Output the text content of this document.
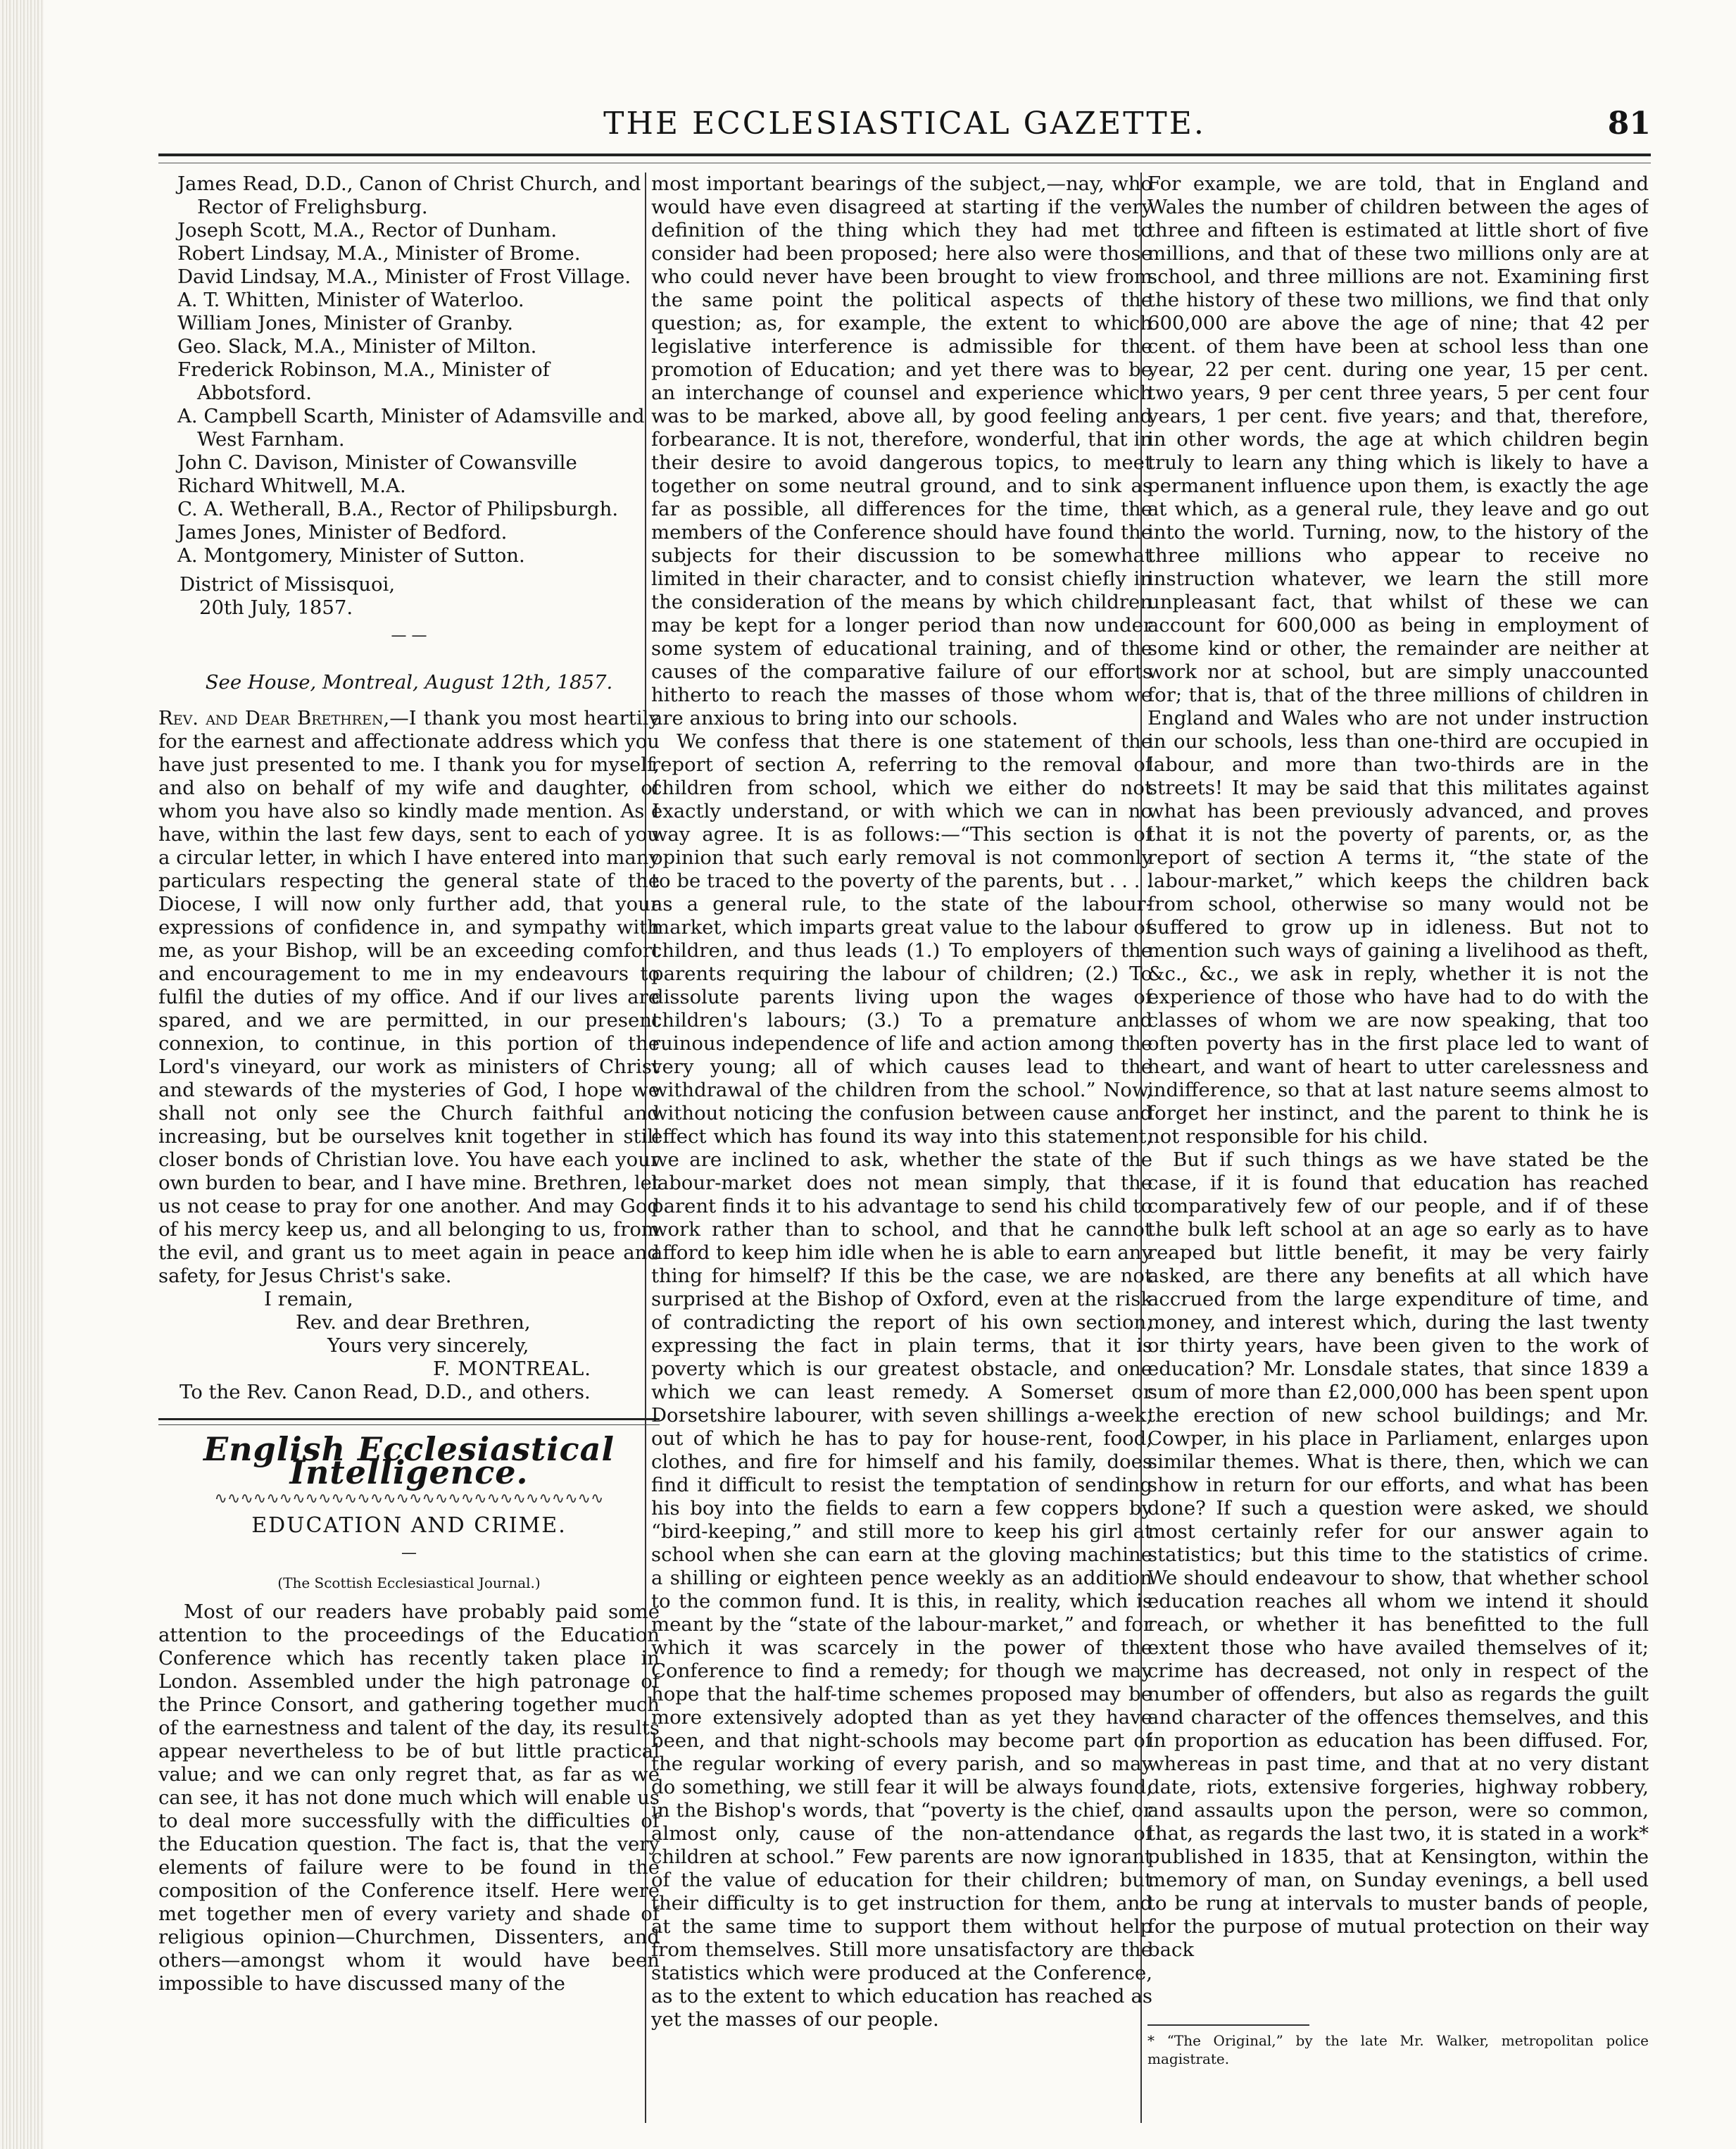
THE ECCLESIASTICAL GAZETTE.	81

James Read, D.D., Canon of Christ Church, and Rector of Frelighsburg.

Joseph Scott, M.A., Rector of Dunham.

Robert Lindsay, M.A., Minister of Brome.

David Lindsay, M.A., Minister of Frost Village.

A. T. Whitten, Minister of Waterloo.

William Jones, Minister of Granby.

Geo. Slack, M.A., Minister of Milton.

Frederick Robinson, M.A., Minister of Abbotsford.

A. Campbell Scarth, Minister of Adamsville and West Farnham.

John C. Davison, Minister of Cowansville

Richard Whitwell, M.A.

C. A. Wetherall, B.A., Rector of Philipsburgh.

James Jones, Minister of Bedford.

A. Montgomery, Minister of Sutton.

District of Missisquoi,

20th July, 1857.

— —

See House, Montreal, August 12th, 1857.

Rev. and Dear Brethren,—I thank you most heartily for the earnest and affectionate address which you have just presented to me. I thank you for myself, and also on behalf of my wife and daughter, of whom you have also so kindly made mention. As I have, within the last few days, sent to each of you a circular letter, in which I have entered into many particulars respecting the general state of the Diocese, I will now only further add, that your expressions of confidence in, and sympathy with me, as your Bishop, will be an exceeding comfort and encouragement to me in my endeavours to fulfil the duties of my office. And if our lives are spared, and we are permitted, in our present connexion, to continue, in this portion of the Lord's vineyard, our work as ministers of Christ and stewards of the mysteries of God, I hope we shall not only see the Church faithful and increasing, but be ourselves knit together in still closer bonds of Christian love. You have each your own burden to bear, and I have mine. Brethren, let us not cease to pray for one another. And may God of his mercy keep us, and all belonging to us, from the evil, and grant us to meet again in peace and safety, for Jesus Christ's sake.

I remain,

Rev. and dear Brethren,

Yours very sincerely,

F. MONTREAL.

To the Rev. Canon Read, D.D., and others.

English Ecclesiastical Intelligence.
∿∿∿∿∿∿∿∿∿∿∿∿∿∿∿∿∿∿∿∿∿∿∿∿∿∿∿∿∿∿
EDUCATION AND CRIME.
—
(The Scottish Ecclesiastical Journal.)

Most of our readers have probably paid some attention to the proceedings of the Education Conference which has recently taken place in London. Assembled under the high patronage of the Prince Consort, and gathering together much of the earnestness and talent of the day, its results appear nevertheless to be of but little practical value; and we can only regret that, as far as we can see, it has not done much which will enable us to deal more successfully with the difficulties of the Education question. The fact is, that the very elements of failure were to be found in the composition of the Conference itself. Here were met together men of every variety and shade of religious opinion—Churchmen, Dissenters, and others—amongst whom it would have been impossible to have discussed many of the

most important bearings of the subject,—nay, who would have even disagreed at starting if the very definition of the thing which they had met to consider had been proposed; here also were those who could never have been brought to view from the same point the political aspects of the question; as, for example, the extent to which legislative interference is admissible for the promotion of Education; and yet there was to be an interchange of counsel and experience which was to be marked, above all, by good feeling and forbearance. It is not, therefore, wonderful, that in their desire to avoid dangerous topics, to meet together on some neutral ground, and to sink as far as possible, all differences for the time, the members of the Conference should have found the subjects for their discussion to be somewhat limited in their character, and to consist chiefly in the consideration of the means by which children may be kept for a longer period than now under some system of educational training, and of the causes of the comparative failure of our efforts hitherto to reach the masses of those whom we are anxious to bring into our schools.

We confess that there is one statement of the report of section A, referring to the removal of children from school, which we either do not exactly understand, or with which we can in no way agree. It is as follows:—“This section is of opinion that such early removal is not commonly to be traced to the poverty of the parents, but . . . . as a general rule, to the state of the labour-market, which imparts great value to the labour of children, and thus leads (1.) To employers of the parents requiring the labour of children; (2.) To dissolute parents living upon the wages of children's labours; (3.) To a premature and ruinous independence of life and action among the very young; all of which causes lead to the withdrawal of the children from the school.” Now, without noticing the confusion between cause and effect which has found its way into this statement, we are inclined to ask, whether the state of the labour-market does not mean simply, that the parent finds it to his advantage to send his child to work rather than to school, and that he cannot afford to keep him idle when he is able to earn any thing for himself? If this be the case, we are not surprised at the Bishop of Oxford, even at the risk of contradicting the report of his own section, expressing the fact in plain terms, that it is poverty which is our greatest obstacle, and one which we can least remedy. A Somerset or Dorsetshire labourer, with seven shillings a-week, out of which he has to pay for house-rent, food, clothes, and fire for himself and his family, does find it difficult to resist the temptation of sending his boy into the fields to earn a few coppers by “bird-keeping,” and still more to keep his girl at school when she can earn at the gloving machine a shilling or eighteen pence weekly as an addition to the common fund. It is this, in reality, which is meant by the “state of the labour-market,” and for which it was scarcely in the power of the Conference to find a remedy; for though we may hope that the half-time schemes proposed may be more extensively adopted than as yet they have been, and that night-schools may become part of the regular working of every parish, and so may do something, we still fear it will be always found, in the Bishop's words, that “poverty is the chief, or almost only, cause of the non-attendance of children at school.” Few parents are now ignorant of the value of education for their children; but their difficulty is to get instruction for them, and at the same time to support them without help from themselves. Still more unsatisfactory are the statistics which were produced at the Conference, as to the extent to which education has reached as yet the masses of our people.

For example, we are told, that in England and Wales the number of children between the ages of three and fifteen is estimated at little short of five millions, and that of these two millions only are at school, and three millions are not. Examining first the history of these two millions, we find that only 600,000 are above the age of nine; that 42 per cent. of them have been at school less than one year, 22 per cent. during one year, 15 per cent. two years, 9 per cent three years, 5 per cent four years, 1 per cent. five years; and that, therefore, in other words, the age at which children begin truly to learn any thing which is likely to have a permanent influence upon them, is exactly the age at which, as a general rule, they leave and go out into the world. Turning, now, to the history of the three millions who appear to receive no instruction whatever, we learn the still more unpleasant fact, that whilst of these we can account for 600,000 as being in employment of some kind or other, the remainder are neither at work nor at school, but are simply unaccounted for; that is, that of the three millions of children in England and Wales who are not under instruction in our schools, less than one-third are occupied in labour, and more than two-thirds are in the streets! It may be said that this militates against what has been previously advanced, and proves that it is not the poverty of parents, or, as the report of section A terms it, “the state of the labour-market,” which keeps the children back from school, otherwise so many would not be suffered to grow up in idleness. But not to mention such ways of gaining a livelihood as theft, &c., &c., we ask in reply, whether it is not the experience of those who have had to do with the classes of whom we are now speaking, that too often poverty has in the first place led to want of heart, and want of heart to utter carelessness and indifference, so that at last nature seems almost to forget her instinct, and the parent to think he is not responsible for his child.

But if such things as we have stated be the case, if it is found that education has reached comparatively few of our people, and if of these the bulk left school at an age so early as to have reaped but little benefit, it may be very fairly asked, are there any benefits at all which have accrued from the large expenditure of time, and money, and interest which, during the last twenty or thirty years, have been given to the work of education? Mr. Lonsdale states, that since 1839 a sum of more than £2,000,000 has been spent upon the erection of new school buildings; and Mr. Cowper, in his place in Parliament, enlarges upon similar themes. What is there, then, which we can show in return for our efforts, and what has been done? If such a question were asked, we should most certainly refer for our answer again to statistics; but this time to the statistics of crime. We should endeavour to show, that whether school education reaches all whom we intend it should reach, or whether it has benefitted to the full extent those who have availed themselves of it; crime has decreased, not only in respect of the number of offenders, but also as regards the guilt and character of the offences themselves, and this in proportion as education has been diffused. For, whereas in past time, and that at no very distant date, riots, extensive forgeries, highway robbery, and assaults upon the person, were so common, that, as regards the last two, it is stated in a work* published in 1835, that at Kensington, within the memory of man, on Sunday evenings, a bell used to be rung at intervals to muster bands of people, for the purpose of mutual protection on their way back

* “The Original,” by the late Mr. Walker, metropolitan police magistrate.
